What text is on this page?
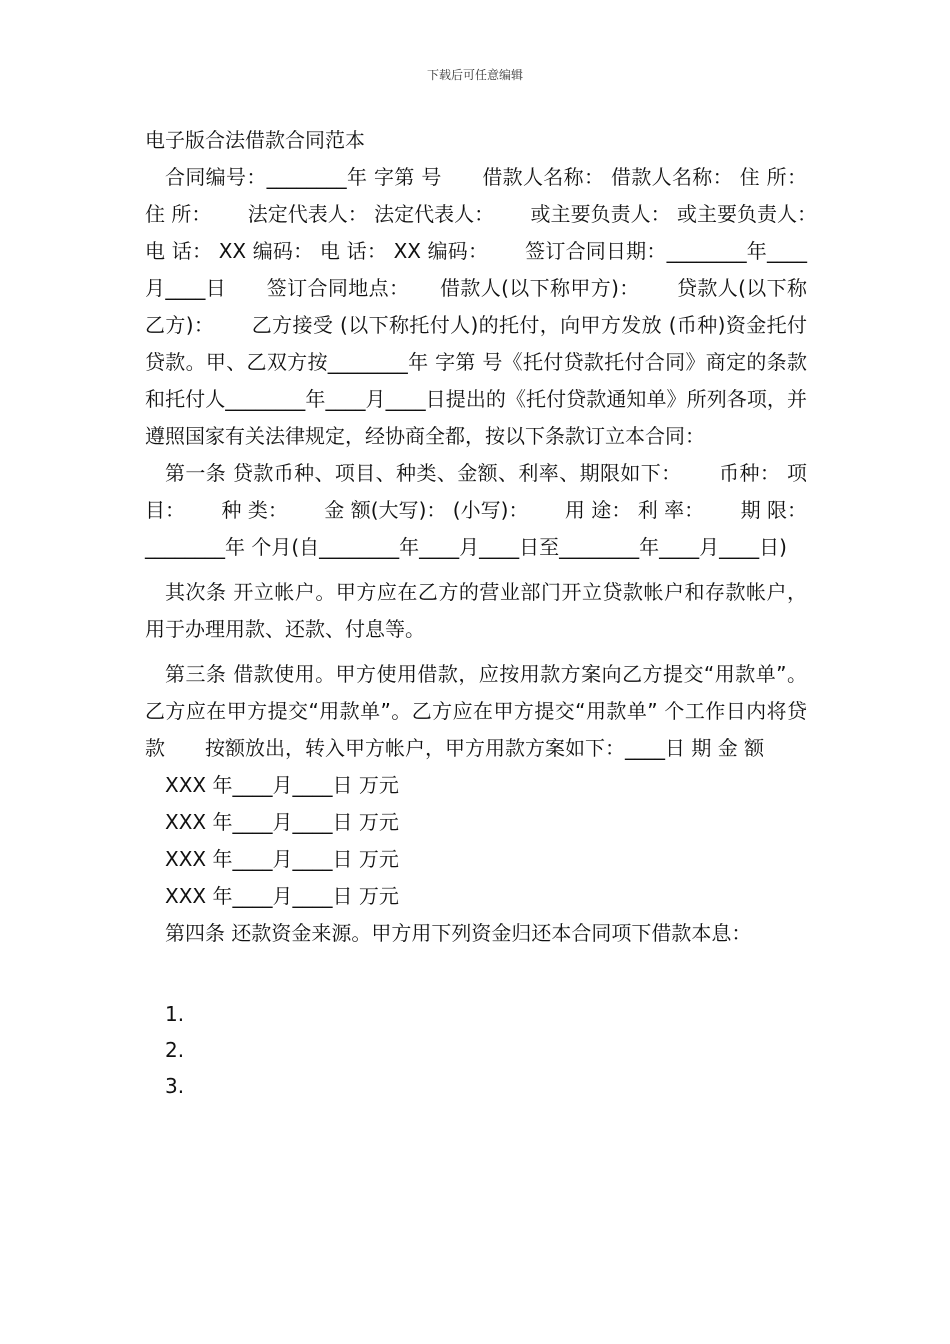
下载后可任意编辑

电子版合法借款合同范本

合同编号：________年 字第 号　　借款人名称： 借款人名称： 住 所： 住 所：　　 法定代表人： 法定代表人：　　 或主要负责人： 或主要负责人：　　 电 话： XX 编码： 电 话： XX 编码：　　 签订合同日期：________年____月____日　　签订合同地点：　　借款人(以下称甲方)：　　 贷款人(以下称乙方)：　　 乙方接受 (以下称托付人)的托付，向甲方发放 (币种)资金托付贷款。甲、乙双方按________年 字第 号《托付贷款托付合同》商定的条款和托付人________年____月____日提出的《托付贷款通知单》所列各项，并遵照国家有关法律规定，经协商全都，按以下条款订立本合同：

第一条 贷款币种、项目、种类、金额、利率、期限如下：　　 币种： 项 目：　　 种 类：　　 金 额(大写)： (小写)：　　 用 途： 利 率：　　 期 限：________年 个月(自________年____月____日至________年____月____日)

其次条 开立帐户。甲方应在乙方的营业部门开立贷款帐户和存款帐户，用于办理用款、还款、付息等。

第三条 借款使用。甲方使用借款，应按用款方案向乙方提交“用款单”。乙方应在甲方提交“用款单”。乙方应在甲方提交“用款单” 个工作日内将贷款　　按额放出，转入甲方帐户，甲方用款方案如下：____日 期 金 额

XXX 年____月____日 万元

XXX 年____月____日 万元

XXX 年____月____日 万元

XXX 年____月____日 万元

第四条 还款资金来源。甲方用下列资金归还本合同项下借款本息：

1.

2.

3.
